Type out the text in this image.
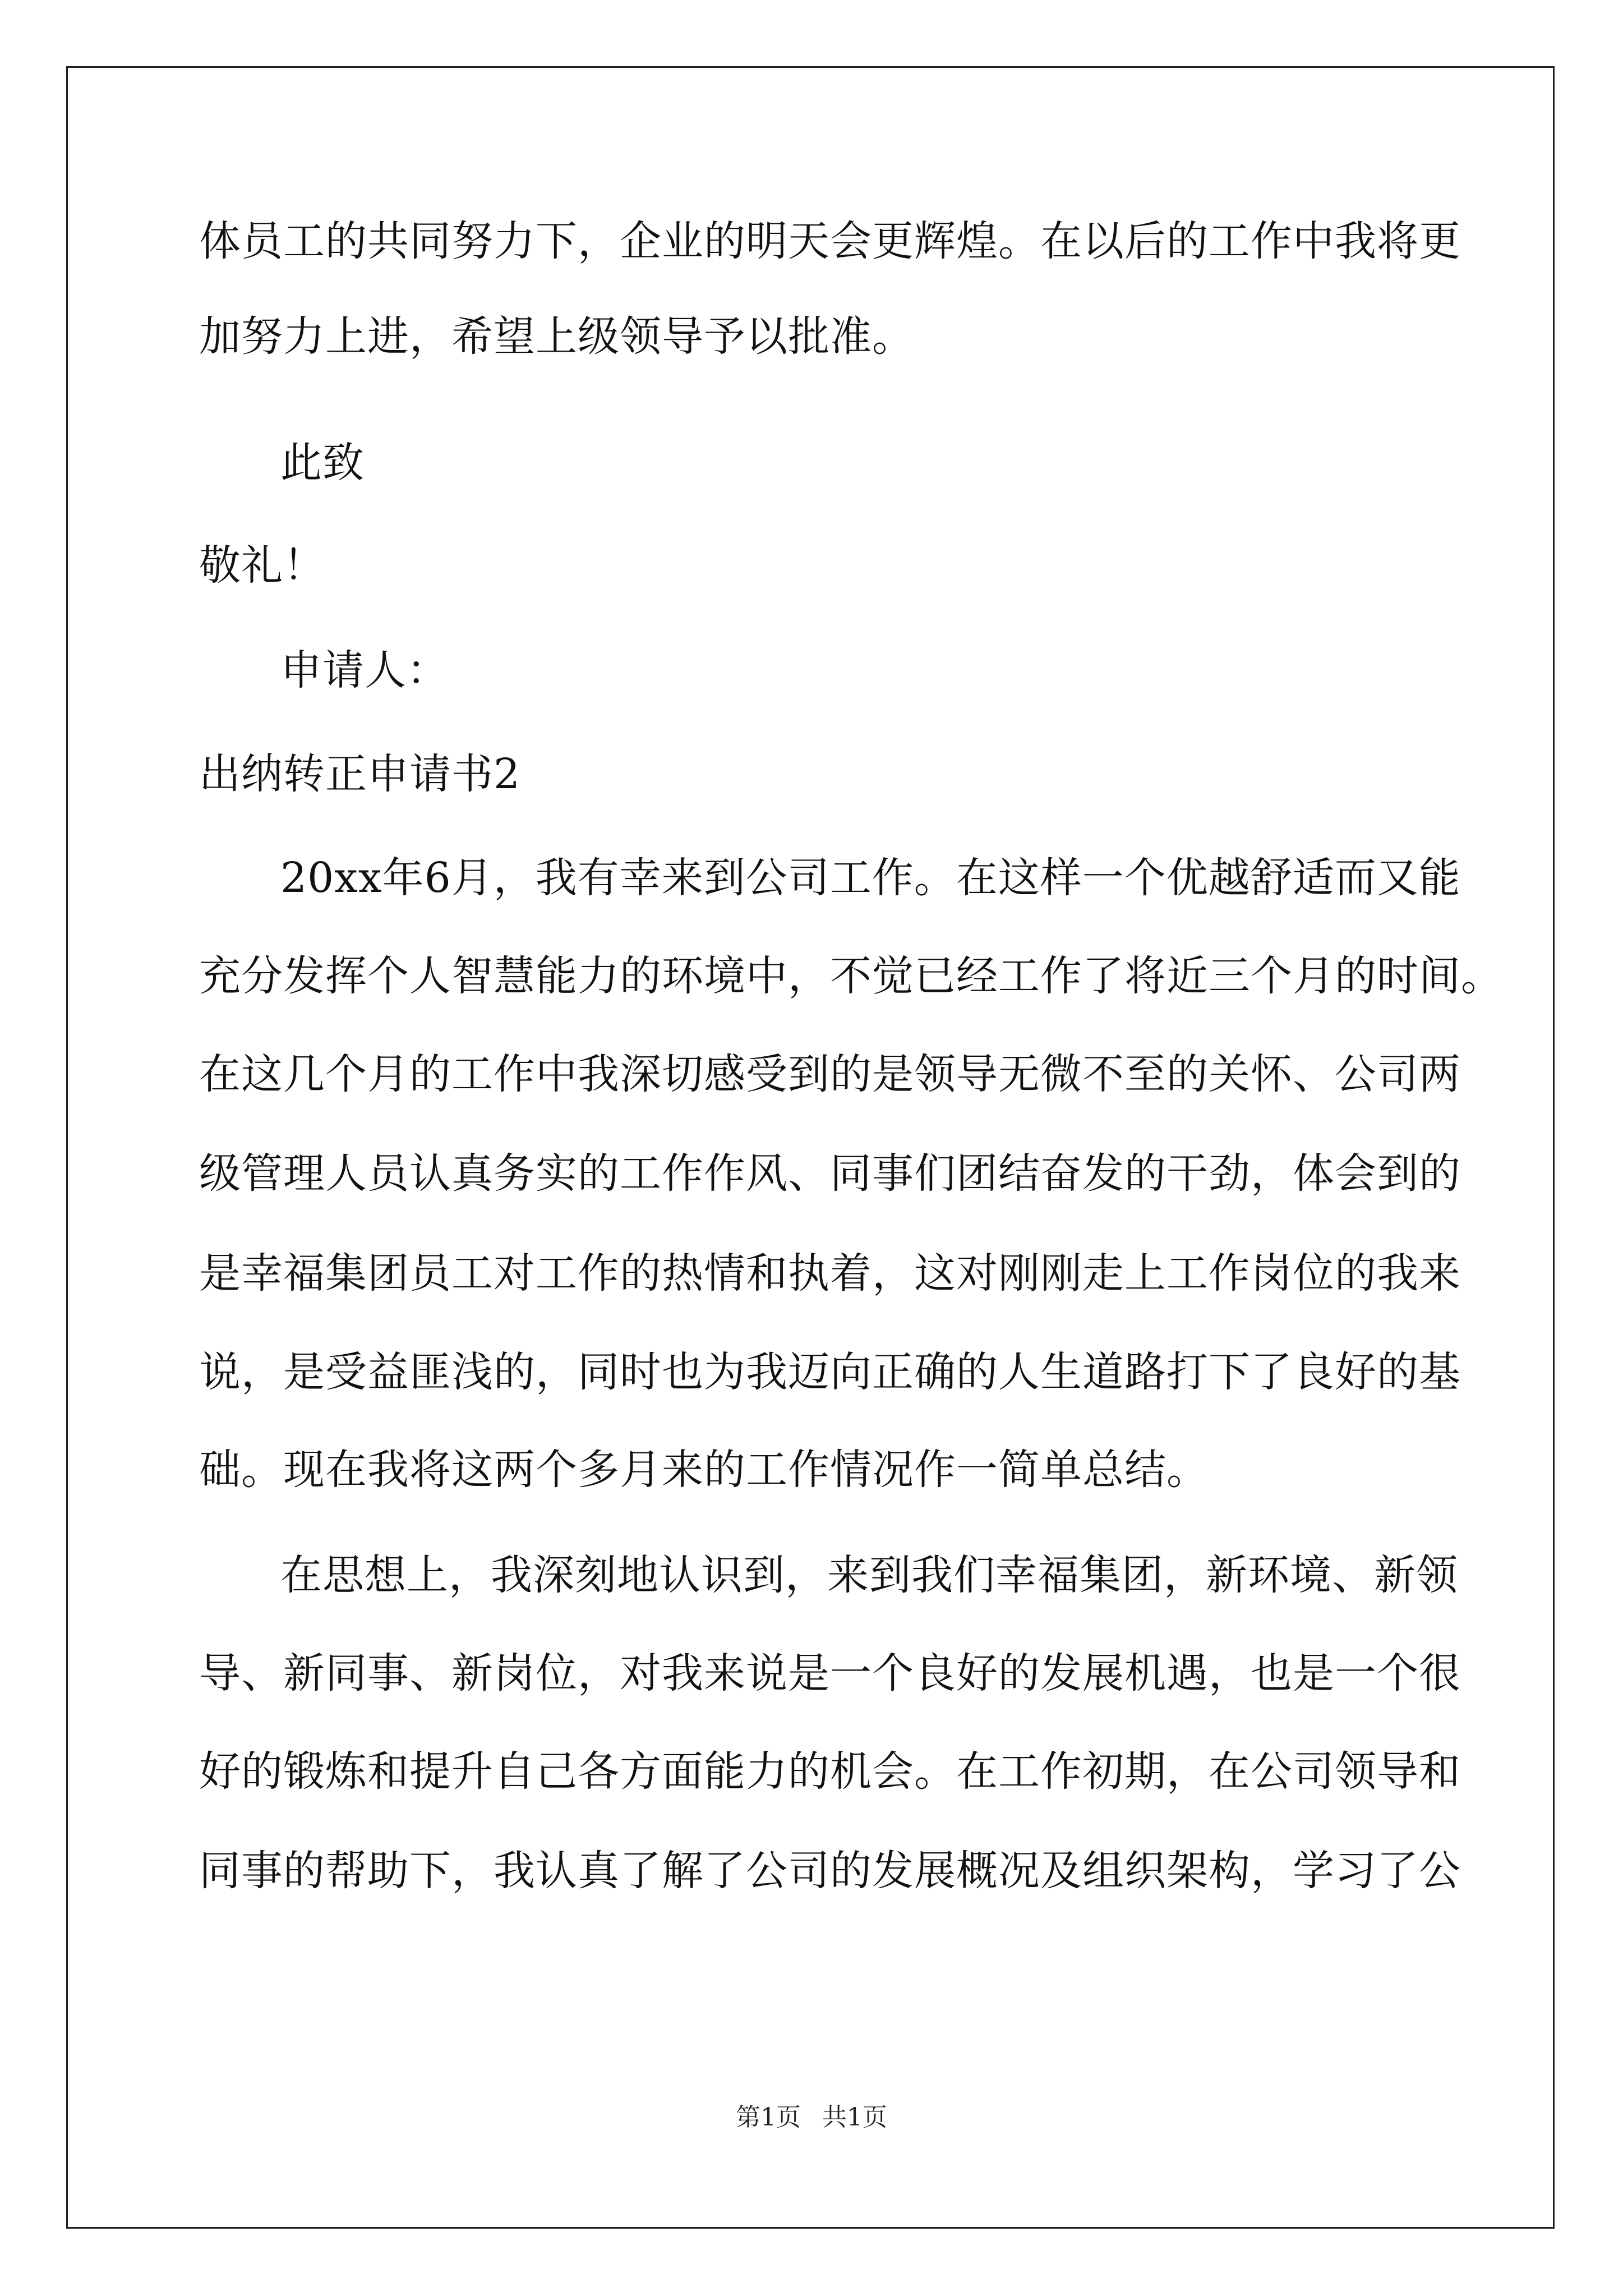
体员工的共同努力下，企业的明天会更辉煌。在以后的工作中我将更
加努力上进，希望上级领导予以批准。
此致
敬礼！
申请人：
出纳转正申请书2
20xx年6月，我有幸来到公司工作。在这样一个优越舒适而又能
充分发挥个人智慧能力的环境中，不觉已经工作了将近三个月的时间。
在这几个月的工作中我深切感受到的是领导无微不至的关怀、公司两
级管理人员认真务实的工作作风、同事们团结奋发的干劲，体会到的
是幸福集团员工对工作的热情和执着，这对刚刚走上工作岗位的我来
说，是受益匪浅的，同时也为我迈向正确的人生道路打下了良好的基
础。现在我将这两个多月来的工作情况作一简单总结。
在思想上，我深刻地认识到，来到我们幸福集团，新环境、新领
导、新同事、新岗位，对我来说是一个良好的发展机遇，也是一个很
好的锻炼和提升自己各方面能力的机会。在工作初期，在公司领导和
同事的帮助下，我认真了解了公司的发展概况及组织架构，学习了公
第1页 共1页
